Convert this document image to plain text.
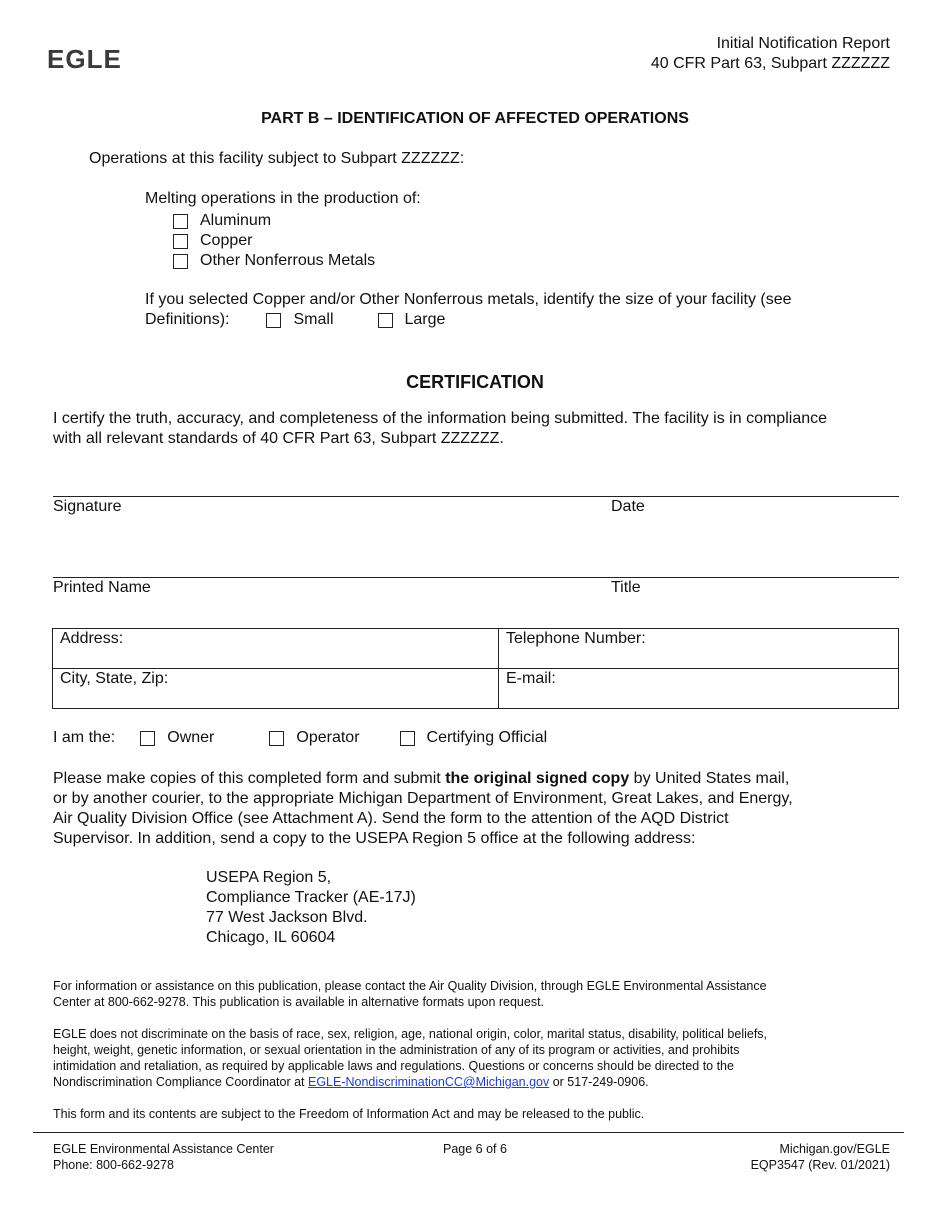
EGLE
Initial Notification Report
40 CFR Part 63, Subpart ZZZZZZ
PART B – IDENTIFICATION OF AFFECTED OPERATIONS
Operations at this facility subject to Subpart ZZZZZZ:
Melting operations in the production of:
Aluminum
Copper
Other Nonferrous Metals
If you selected Copper and/or Other Nonferrous metals, identify the size of your facility (see
Definitions):	Small	Large
CERTIFICATION
I certify the truth, accuracy, and completeness of the information being submitted. The facility is in compliance
with all relevant standards of 40 CFR Part 63, Subpart ZZZZZZ.
Signature	Date
Printed Name	Title
Address:	Telephone Number:
City, State, Zip:	E-mail:
I am the:	Owner	Operator	Certifying Official
Please make copies of this completed form and submit the original signed copy by United States mail,
or by another courier, to the appropriate Michigan Department of Environment, Great Lakes, and Energy,
Air Quality Division Office (see Attachment A). Send the form to the attention of the AQD District
Supervisor. In addition, send a copy to the USEPA Region 5 office at the following address:
USEPA Region 5,
Compliance Tracker (AE-17J)
77 West Jackson Blvd.
Chicago, IL 60604
For information or assistance on this publication, please contact the Air Quality Division, through EGLE Environmental Assistance
Center at 800-662-9278. This publication is available in alternative formats upon request.
EGLE does not discriminate on the basis of race, sex, religion, age, national origin, color, marital status, disability, political beliefs,
height, weight, genetic information, or sexual orientation in the administration of any of its program or activities, and prohibits
intimidation and retaliation, as required by applicable laws and regulations. Questions or concerns should be directed to the
Nondiscrimination Compliance Coordinator at EGLE-NondiscriminationCC@Michigan.gov or 517-249-0906.
This form and its contents are subject to the Freedom of Information Act and may be released to the public.
EGLE Environmental Assistance Center
Phone: 800-662-9278
Page 6 of 6	Michigan.gov/EGLE
EQP3547 (Rev. 01/2021)
